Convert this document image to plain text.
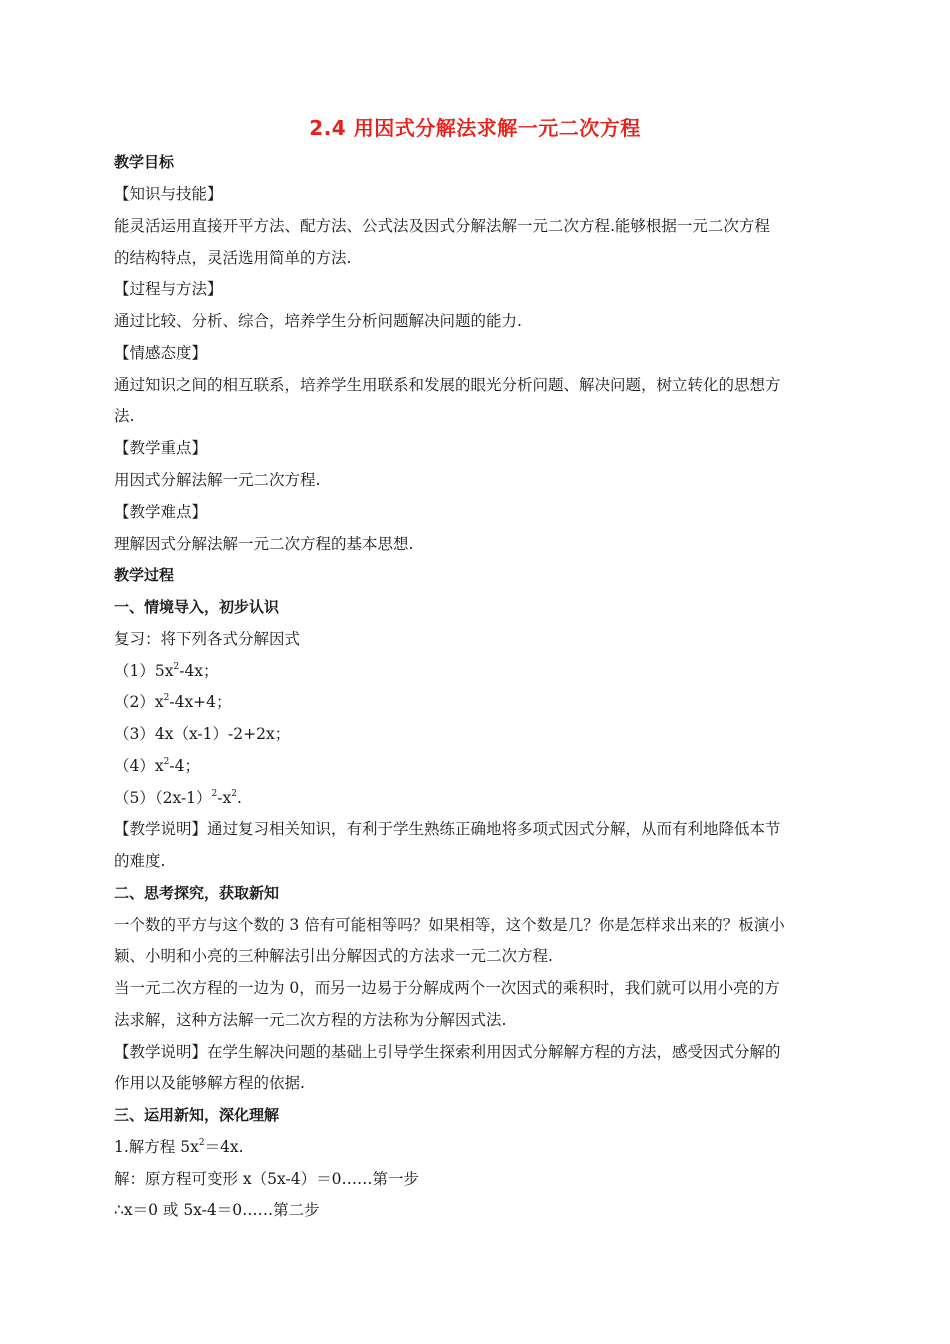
2.4 用因式分解法求解一元二次方程
教学目标
【知识与技能】
能灵活运用直接开平方法、配方法、公式法及因式分解法解一元二次方程.能够根据一元二次方程
的结构特点，灵活选用简单的方法.
【过程与方法】
通过比较、分析、综合，培养学生分析问题解决问题的能力.
【情感态度】
通过知识之间的相互联系，培养学生用联系和发展的眼光分析问题、解决问题，树立转化的思想方
法.
【教学重点】
用因式分解法解一元二次方程.
【教学难点】
理解因式分解法解一元二次方程的基本思想.
教学过程
一、情境导入，初步认识
复习：将下列各式分解因式
$(1)5x^2-4x$；
$(2)x^2-4x+4$；
（3）4x（x-1）-2+2x；
$(4)x^2-4$；
$(5)(2x-1)^2-x^2$.
【教学说明】通过复习相关知识，有利于学生熟练正确地将多项式因式分解，从而有利地降低本节
的难度.
二、思考探究，获取新知
一个数的平方与这个数的 3 倍有可能相等吗？如果相等，这个数是几？你是怎样求出来的？板演小
颖、小明和小亮的三种解法引出分解因式的方法求一元二次方程.
当一元二次方程的一边为 0，而另一边易于分解成两个一次因式的乘积时，我们就可以用小亮的方
法求解，这种方法解一元二次方程的方法称为分解因式法.
【教学说明】在学生解决问题的基础上引导学生探索利用因式分解解方程的方法，感受因式分解的
作用以及能够解方程的依据.
三、运用新知，深化理解
1.解方程 $5x^2=4x$.
解：原方程可变形 x（5x-4）＝0……第一步
∴x＝0 或 5x-4＝0……第二步
